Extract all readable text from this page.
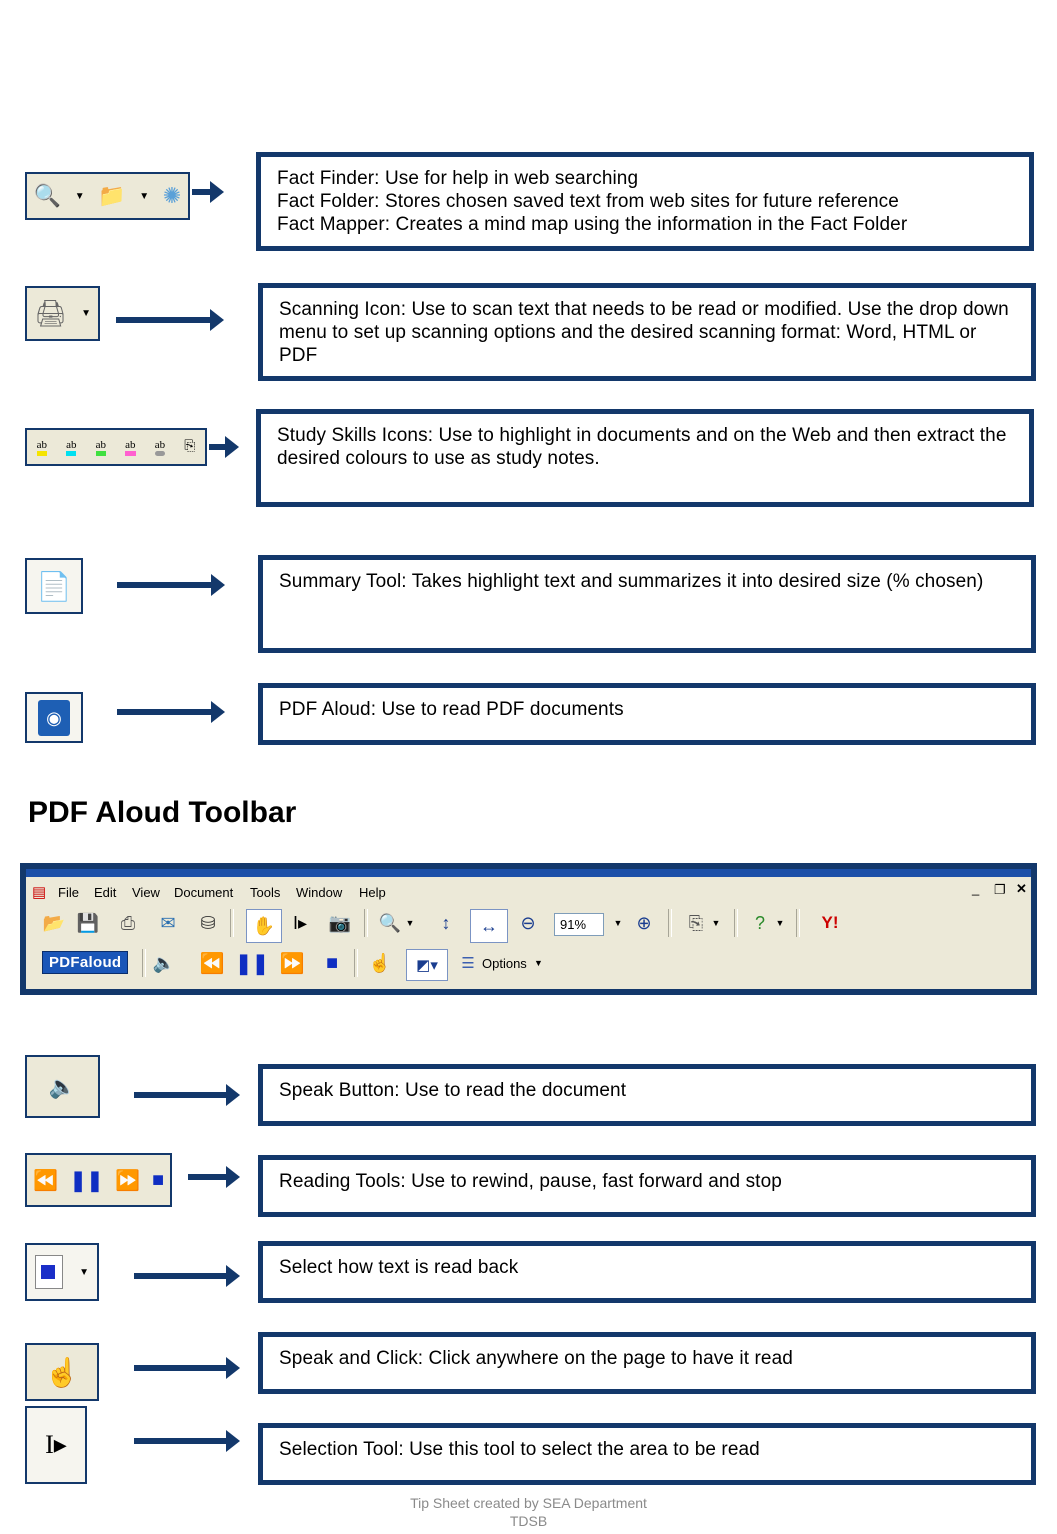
🔍 ▼ 📁 ▼ ✺

Fact Finder: Use for help in web searching

Fact Folder: Stores chosen saved text from web sites for future reference

Fact Mapper: Creates a mind map using the information in the Fact Folder

🖨 ▼	Scanning Icon: Use to scan text that needs to be read or modified. Use the drop down menu to set up scanning options and the desired scanning format: Word, HTML or PDF

ab ab ab ab ab ⎘

Study Skills Icons: Use to highlight in documents and on the Web and then extract the desired colours to use as study notes.

📄	Summary Tool: Takes highlight text and summarizes it into desired size (% chosen)

◉	PDF Aloud: Use to read PDF documents

PDF Aloud Toolbar
▤ File Edit View Document Tools Window Help	_ ❐ ✕
📂 💾	⎙	✉	⛁	✋ I▸	📷 🔍 ▼	↕	↔	⊖	91%	▼ ⊕	⎘ ▼	?	▼	Y!
PDFaloud	🔈 ⏪ ❚❚ ⏩	■	☝	◩▾	☰ Options ▼
🔈	Speak Button: Use to read the document

⏪ ❚❚ ⏩ ■	Reading Tools: Use to rewind, pause, fast forward and stop

▼	Select how text is read back

☝	Speak and Click: Click anywhere on the page to have it read

I▸	Selection Tool: Use this tool to select the area to be read

Tip Sheet created by SEA Department
TDSB
